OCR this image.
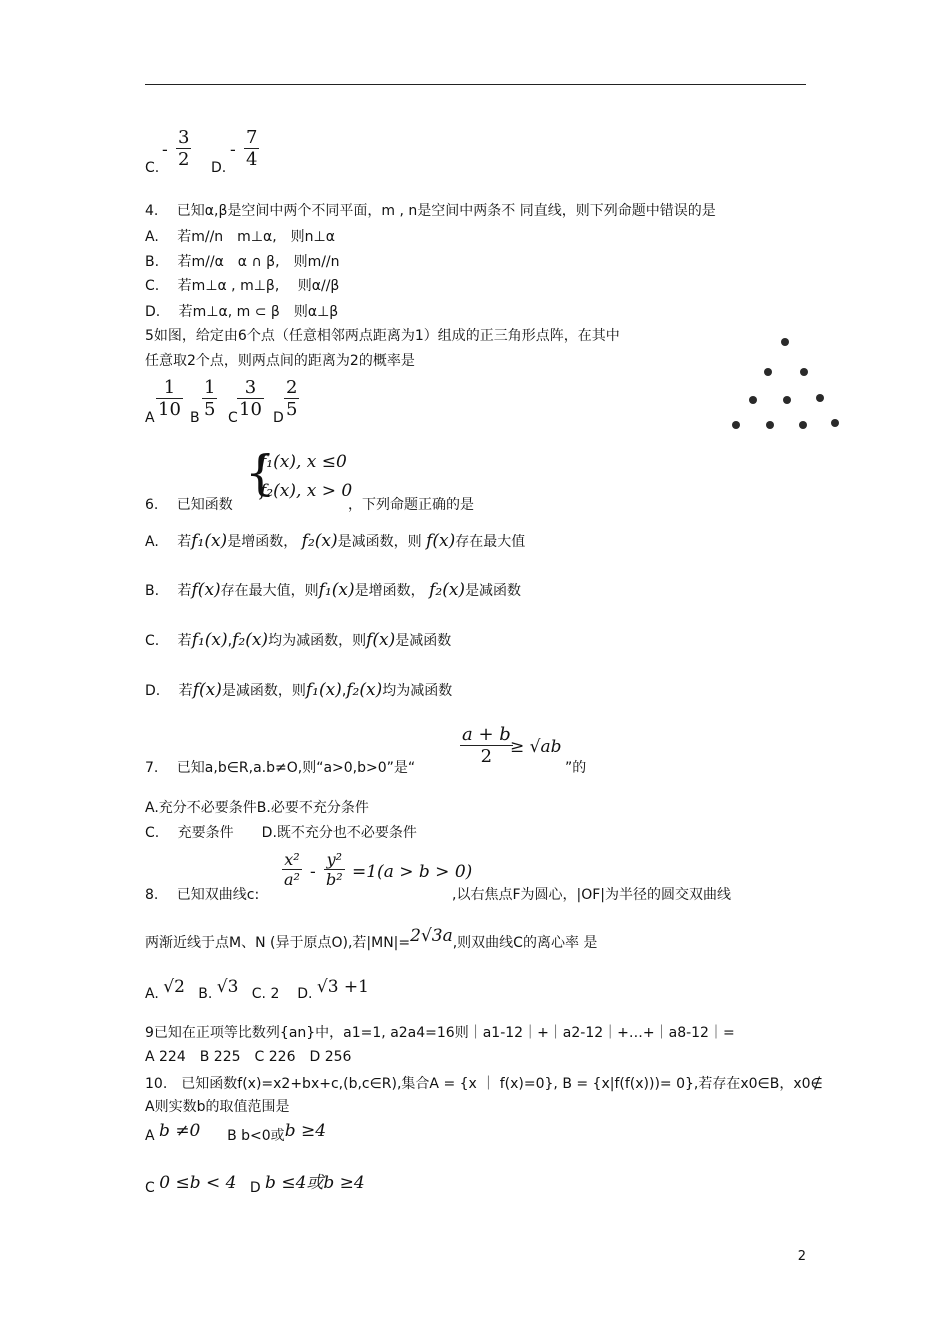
3
2
-
C.
7
4
-
D.
4.　 已知α,β是空间中两个不同平面，m , n是空间中两条不 同直线，则下列命题中错误的是
A.　 若m//n　m⊥α,　则n⊥α
B.　 若m//α　α ∩ β,　则m//n
C.　 若m⊥α , m⊥β,　 则α//β
D.　 若m⊥α, m ⊂ β　则α⊥β
5如图，给定由6个点（任意相邻两点距离为1）组成的正三角形点阵，在其中
任意取2个点，则两点间的距离为2的概率是
A
1
10 B
1
5 C
3
10 D
2
5
{
f₁(x), x ≤0
f₂(x), x > 0
6.　 已知函数	，下列命题正确的是
A.　 若f₁(x)是增函数， f₂(x)是减函数，则 f(x)存在最大值
B.　 若f(x)存在最大值，则f₁(x)是增函数， f₂(x)是减函数
C.　 若f₁(x),f₂(x)均为减函数，则f(x)是减函数
D.　 若f(x)是减函数，则f₁(x),f₂(x)均为减函数
a + b
2	≥ √ab
7.　 已知a,b∈R,a.b≠O,则“a>0,b>0”是“	”的
A.充分不必要条件B.必要不充分条件
C.　 充要条件　　D.既不充分也不必要条件
x²
a² -
y²
b² =1(a > b > 0)
8.　 已知双曲线c:	,以右焦点F为圆心，|OF|为半径的圆交双曲线
两渐近线于点M、N (异于原点O),若|MN|=2√3a,则双曲线C的离心率 是
A. √2 B. √3 C. 2 D. √3 +1
9已知在正项等比数列{an}中，a1=1, a2a4=16则｜a1-12｜+｜a2-12｜+…+｜a8-12｜=
A 224　B 225　C 226　D 256
10.　已知函数f(x)=x2+bx+c,(b,c∈R),集合A = {x ｜ f(x)=0}, B = {x|f(f(x)))= 0},若存在x0∈B，x0∉
A则实数b的取值范围是
A b ≠0 B b<0或b ≥4
C 0 ≤b < 4 D b ≤4或b ≥4
2
